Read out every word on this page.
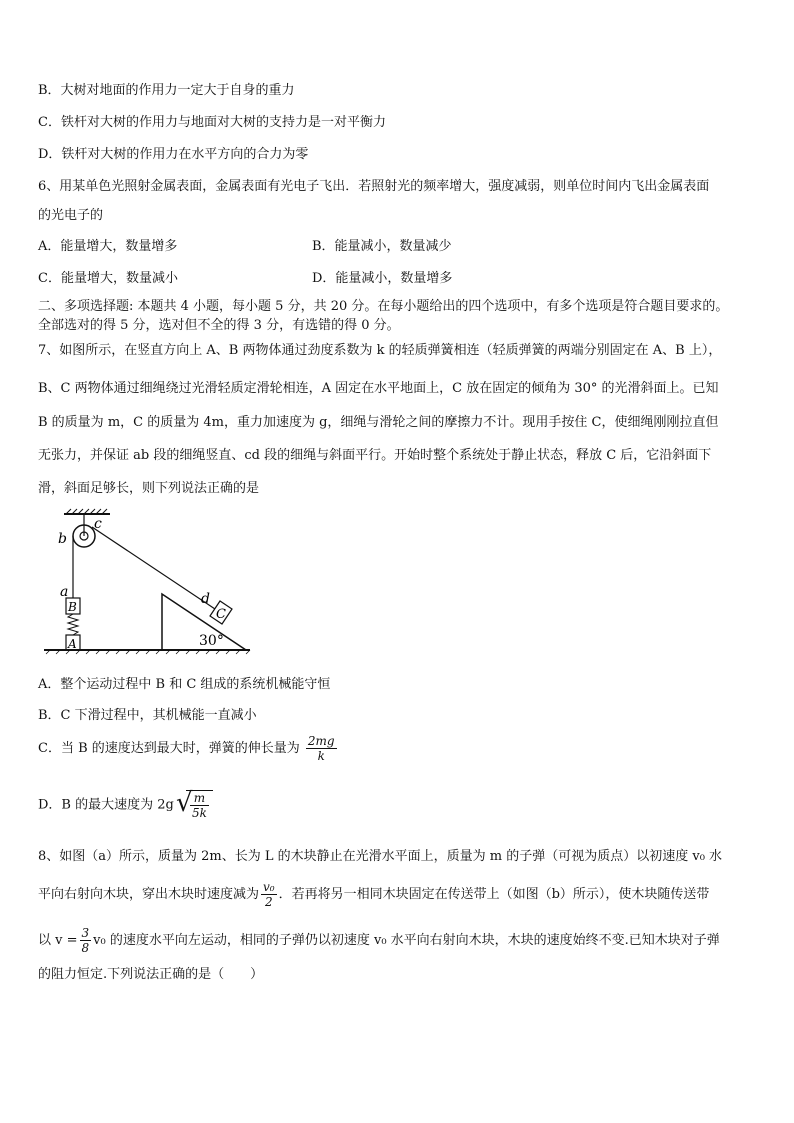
B．大树对地面的作用力一定大于自身的重力
C．铁杆对大树的作用力与地面对大树的支持力是一对平衡力
D．铁杆对大树的作用力在水平方向的合力为零
6、用某单色光照射金属表面，金属表面有光电子飞出．若照射光的频率增大，强度减弱，则单位时间内飞出金属表面
的光电子的
A．能量增大，数量增多	B．能量减小，数量减少
C．能量增大，数量减小	D．能量减小，数量增多
二、多项选择题: 本题共 4 小题，每小题 5 分，共 20 分。在每小题给出的四个选项中，有多个选项是符合题目要求的。
全部选对的得 5 分，选对但不全的得 3 分，有选错的得 0 分。
7、如图所示，在竖直方向上 A、B 两物体通过劲度系数为 k 的轻质弹簧相连（轻质弹簧的两端分别固定在 A、B 上），
B、C 两物体通过细绳绕过光滑轻质定滑轮相连，A 固定在水平地面上，C 放在固定的倾角为 30° 的光滑斜面上。已知
B 的质量为 m，C 的质量为 4m，重力加速度为 g，细绳与滑轮之间的摩擦力不计。现用手按住 C，使细绳刚刚拉直但
无张力，并保证 ab 段的细绳竖直、cd 段的细绳与斜面平行。开始时整个系统处于静止状态，释放 C 后，它沿斜面下
滑，斜面足够长，则下列说法正确的是
c
b
a	d
B
A
C
30°
A．整个运动过程中 B 和 C 组成的系统机械能守恒
B．C 下滑过程中，其机械能一直减小
C．当 B 的速度达到最大时，弹簧的伸长量为 $\frac{2mg}{k}$
D．B 的最大速度为 2g
√ $\frac{m}{5k}$
8、如图（a）所示，质量为 2m、长为 L 的木块静止在光滑水平面上，质量为 m 的子弹（可视为质点）以初速度 v₀ 水
平向右射向木块，穿出木块时速度减为 $\frac{\text{v₀}}{2}$ ．若再将另一相同木块固定在传送带上（如图（b）所示），使木块随传送带
以 $v = \frac{3}{8} v_0$ 的速度水平向左运动，相同的子弹仍以初速度 v₀ 水平向右射向木块，木块的速度始终不变.已知木块对子弹
的阻力恒定.下列说法正确的是（　　）
